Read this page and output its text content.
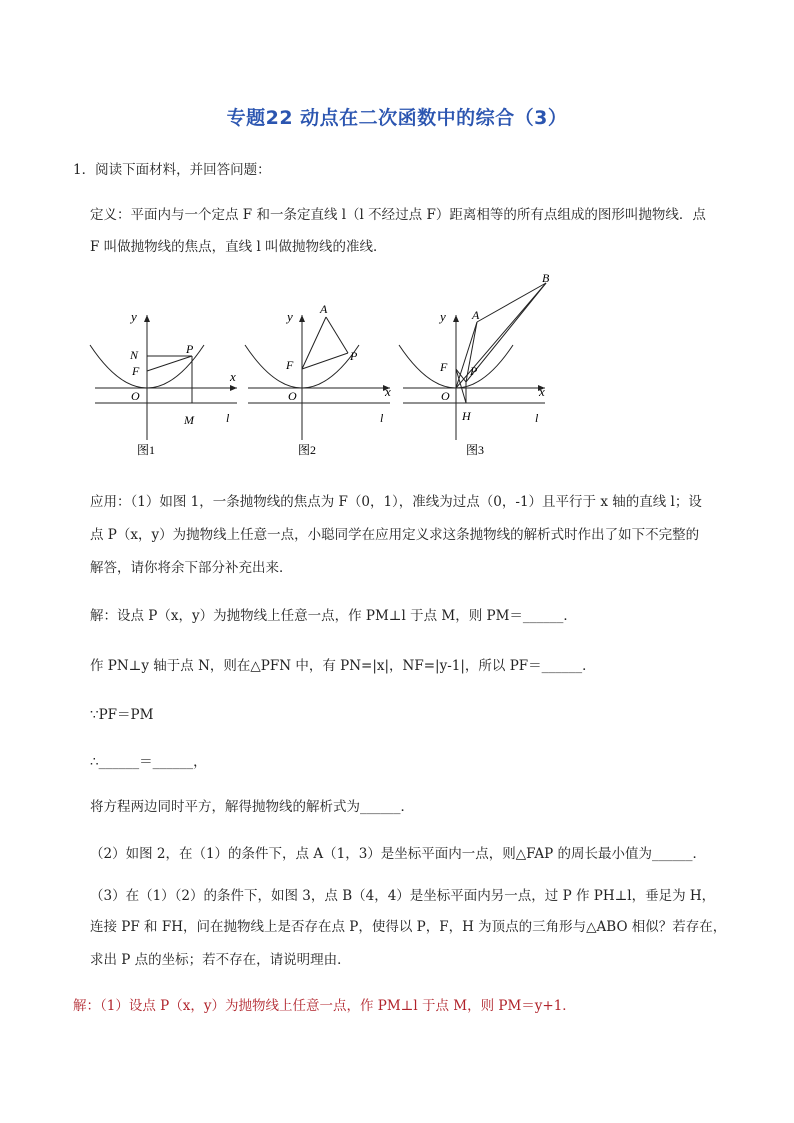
专题22 动点在二次函数中的综合（3）
1．阅读下面材料，并回答问题：
定义：平面内与一个定点 F 和一条定直线 l（l 不经过点 F）距离相等的所有点组成的图形叫抛物线．点
F 叫做抛物线的焦点，直线 l 叫做抛物线的准线．
y
x
O
F
N	P
M	l
图1
y
x
O
F
A
P
l
图2
y
x
O
F
A
B
P
H	l
图3
应用：（1）如图 1，一条抛物线的焦点为 F（0，1），准线为过点（0，-1）且平行于 x 轴的直线 l；设
点 P（x，y）为抛物线上任意一点，小聪同学在应用定义求这条抛物线的解析式时作出了如下不完整的
解答，请你将余下部分补充出来．
解：设点 P（x，y）为抛物线上任意一点，作 PM⊥l 于点 M，则 PM＝______．
作 PN⊥y 轴于点 N，则在△PFN 中，有 PN=|x|，NF=|y-1|，所以 PF＝______．
∵PF＝PM
∴______＝______，
将方程两边同时平方，解得抛物线的解析式为______．
（2）如图 2，在（1）的条件下，点 A（1，3）是坐标平面内一点，则△FAP 的周长最小值为______．
（3）在（1）（2）的条件下，如图 3，点 B（4，4）是坐标平面内另一点，过 P 作 PH⊥l，垂足为 H，
连接 PF 和 FH，问在抛物线上是否存在点 P，使得以 P，F，H 为顶点的三角形与△ABO 相似？若存在，
求出 P 点的坐标；若不存在，请说明理由．
解：（1）设点 P（x，y）为抛物线上任意一点，作 PM⊥l 于点 M，则 PM＝y+1．
